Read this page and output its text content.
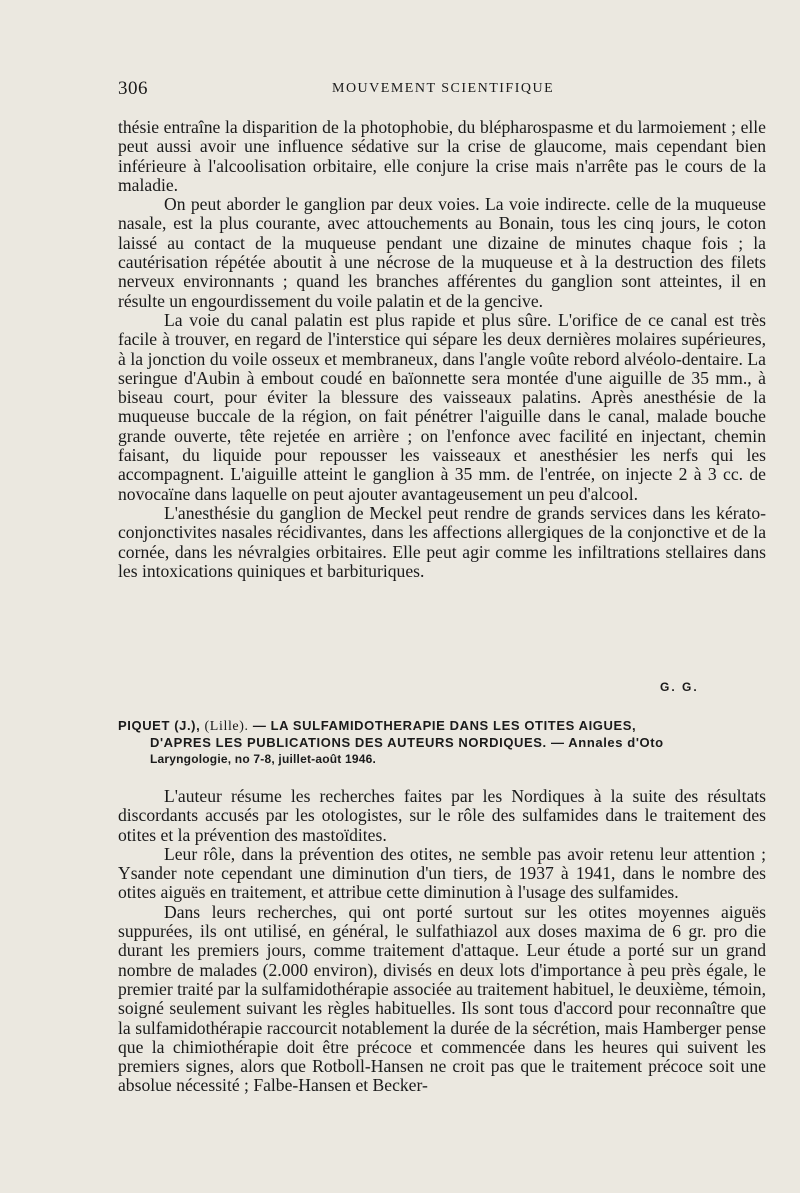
306	MOUVEMENT SCIENTIFIQUE

thésie entraîne la disparition de la photophobie, du blépharospasme et du larmoiement ; elle peut aussi avoir une influence sédative sur la crise de glaucome, mais cependant bien inférieure à l'alcoolisation orbitaire, elle conjure la crise mais n'arrête pas le cours de la maladie.

On peut aborder le ganglion par deux voies. La voie indirecte. celle de la muqueuse nasale, est la plus courante, avec attouchements au Bonain, tous les cinq jours, le coton laissé au contact de la muqueuse pendant une dizaine de minutes chaque fois ; la cautérisation répétée aboutit à une nécrose de la muqueuse et à la destruction des filets nerveux environnants ; quand les branches afférentes du ganglion sont atteintes, il en résulte un engourdissement du voile palatin et de la gencive.

La voie du canal palatin est plus rapide et plus sûre. L'orifice de ce canal est très facile à trouver, en regard de l'interstice qui sépare les deux dernières molaires supérieures, à la jonction du voile osseux et membraneux, dans l'angle voûte rebord alvéolo-dentaire. La seringue d'Aubin à embout coudé en baïonnette sera montée d'une aiguille de 35 mm., à biseau court, pour éviter la blessure des vaisseaux palatins. Après anesthésie de la muqueuse buccale de la région, on fait pénétrer l'aiguille dans le canal, malade bouche grande ouverte, tête rejetée en arrière ; on l'enfonce avec facilité en injectant, chemin faisant, du liquide pour repousser les vaisseaux et anesthésier les nerfs qui les accompagnent. L'aiguille atteint le ganglion à 35 mm. de l'entrée, on injecte 2 à 3 cc. de novocaïne dans laquelle on peut ajouter avantageusement un peu d'alcool.

L'anesthésie du ganglion de Meckel peut rendre de grands services dans les kérato-conjonctivites nasales récidivantes, dans les affections allergiques de la conjonctive et de la cornée, dans les névralgies orbitaires. Elle peut agir comme les infiltrations stellaires dans les intoxications quiniques et barbituriques.

G. G.
PIQUET (J.), (Lille). — LA SULFAMIDOTHERAPIE DANS LES OTITES AIGUES,
D'APRES LES PUBLICATIONS DES AUTEURS NORDIQUES. — Annales d'Oto
Laryngologie, no 7-8, juillet-août 1946.

L'auteur résume les recherches faites par les Nordiques à la suite des résultats discordants accusés par les otologistes, sur le rôle des sulfamides dans le traitement des otites et la prévention des mastoïdites.

Leur rôle, dans la prévention des otites, ne semble pas avoir retenu leur attention ; Ysander note cependant une diminution d'un tiers, de 1937 à 1941, dans le nombre des otites aiguës en traitement, et attribue cette diminution à l'usage des sulfamides.

Dans leurs recherches, qui ont porté surtout sur les otites moyennes aiguës suppurées, ils ont utilisé, en général, le sulfathiazol aux doses maxima de 6 gr. pro die durant les premiers jours, comme traitement d'attaque. Leur étude a porté sur un grand nombre de malades (2.000 environ), divisés en deux lots d'importance à peu près égale, le premier traité par la sulfamidothérapie associée au traitement habituel, le deuxième, témoin, soigné seulement suivant les règles habituelles. Ils sont tous d'accord pour reconnaître que la sulfamidothérapie raccourcit notablement la durée de la sécrétion, mais Hamberger pense que la chimiothérapie doit être précoce et commencée dans les heures qui suivent les premiers signes, alors que Rotboll-Hansen ne croit pas que le traitement précoce soit une absolue nécessité ; Falbe-Hansen et Becker-
